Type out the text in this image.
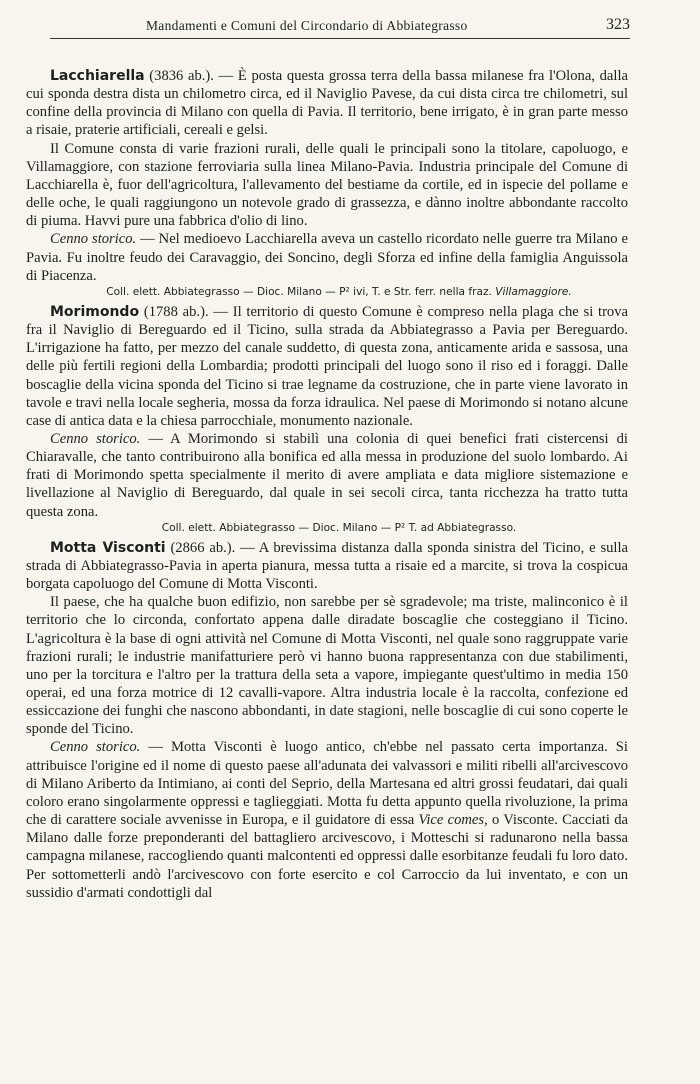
Mandamenti e Comuni del Circondario di Abbiategrasso	323

Lacchiarella (3836 ab.). — È posta questa grossa terra della bassa milanese fra l'Olona, dalla cui sponda destra dista un chilometro circa, ed il Naviglio Pavese, da cui dista circa tre chilometri, sul confine della provincia di Milano con quella di Pavia. Il territorio, bene irrigato, è in gran parte messo a risaie, praterie artificiali, cereali e gelsi.

Il Comune consta di varie frazioni rurali, delle quali le principali sono la titolare, capoluogo, e Villamaggiore, con stazione ferroviaria sulla linea Milano-Pavia. Industria principale del Comune di Lacchiarella è, fuor dell'agricoltura, l'allevamento del bestiame da cortile, ed in ispecie del pollame e delle oche, le quali raggiungono un notevole grado di grassezza, e dànno inoltre abbondante raccolto di piuma. Havvi pure una fabbrica d'olio di lino.

Cenno storico. — Nel medioevo Lacchiarella aveva un castello ricordato nelle guerre tra Milano e Pavia. Fu inoltre feudo dei Caravaggio, dei Soncino, degli Sforza ed infine della famiglia Anguissola di Piacenza.

Coll. elett. Abbiategrasso — Dioc. Milano — P² ivi, T. e Str. ferr. nella fraz. Villamaggiore.

Morimondo (1788 ab.). — Il territorio di questo Comune è compreso nella plaga che si trova fra il Naviglio di Bereguardo ed il Ticino, sulla strada da Abbiategrasso a Pavia per Bereguardo. L'irrigazione ha fatto, per mezzo del canale suddetto, di questa zona, anticamente arida e sassosa, una delle più fertili regioni della Lombardia; prodotti principali del luogo sono il riso ed i foraggi. Dalle boscaglie della vicina sponda del Ticino si trae legname da costruzione, che in parte viene lavorato in tavole e travi nella locale segheria, mossa da forza idraulica. Nel paese di Morimondo si notano alcune case di antica data e la chiesa parrocchiale, monumento nazionale.

Cenno storico. — A Morimondo si stabilì una colonia di quei benefici frati cistercensi di Chiaravalle, che tanto contribuirono alla bonifica ed alla messa in produzione del suolo lombardo. Ai frati di Morimondo spetta specialmente il merito di avere ampliata e data migliore sistemazione e livellazione al Naviglio di Bereguardo, dal quale in sei secoli circa, tanta ricchezza ha tratto tutta questa zona.

Coll. elett. Abbiategrasso — Dioc. Milano — P² T. ad Abbiategrasso.

Motta Visconti (2866 ab.). — A brevissima distanza dalla sponda sinistra del Ticino, e sulla strada di Abbiategrasso-Pavia in aperta pianura, messa tutta a risaie ed a marcite, si trova la cospicua borgata capoluogo del Comune di Motta Visconti.

Il paese, che ha qualche buon edifizio, non sarebbe per sè sgradevole; ma triste, malinconico è il territorio che lo circonda, confortato appena dalle diradate boscaglie che costeggiano il Ticino. L'agricoltura è la base di ogni attività nel Comune di Motta Visconti, nel quale sono raggruppate varie frazioni rurali; le industrie manifatturiere però vi hanno buona rappresentanza con due stabilimenti, uno per la torcitura e l'altro per la trattura della seta a vapore, impiegante quest'ultimo in media 150 operai, ed una forza motrice di 12 cavalli-vapore. Altra industria locale è la raccolta, confezione ed essiccazione dei funghi che nascono abbondanti, in date stagioni, nelle boscaglie di cui sono coperte le sponde del Ticino.

Cenno storico. — Motta Visconti è luogo antico, ch'ebbe nel passato certa importanza. Si attribuisce l'origine ed il nome di questo paese all'adunata dei valvassori e militi ribelli all'arcivescovo di Milano Ariberto da Intimiano, ai conti del Seprio, della Martesana ed altri grossi feudatari, dai quali coloro erano singolarmente oppressi e taglieggiati. Motta fu detta appunto quella rivoluzione, la prima che di carattere sociale avvenisse in Europa, e il guidatore di essa Vice comes, o Visconte. Cacciati da Milano dalle forze preponderanti del battagliero arcivescovo, i Motteschi si radunarono nella bassa campagna milanese, raccogliendo quanti malcontenti ed oppressi dalle esorbitanze feudali fu loro dato. Per sottometterli andò l'arcivescovo con forte esercito e col Carroccio da lui inventato, e con un sussidio d'armati condottigli dal
